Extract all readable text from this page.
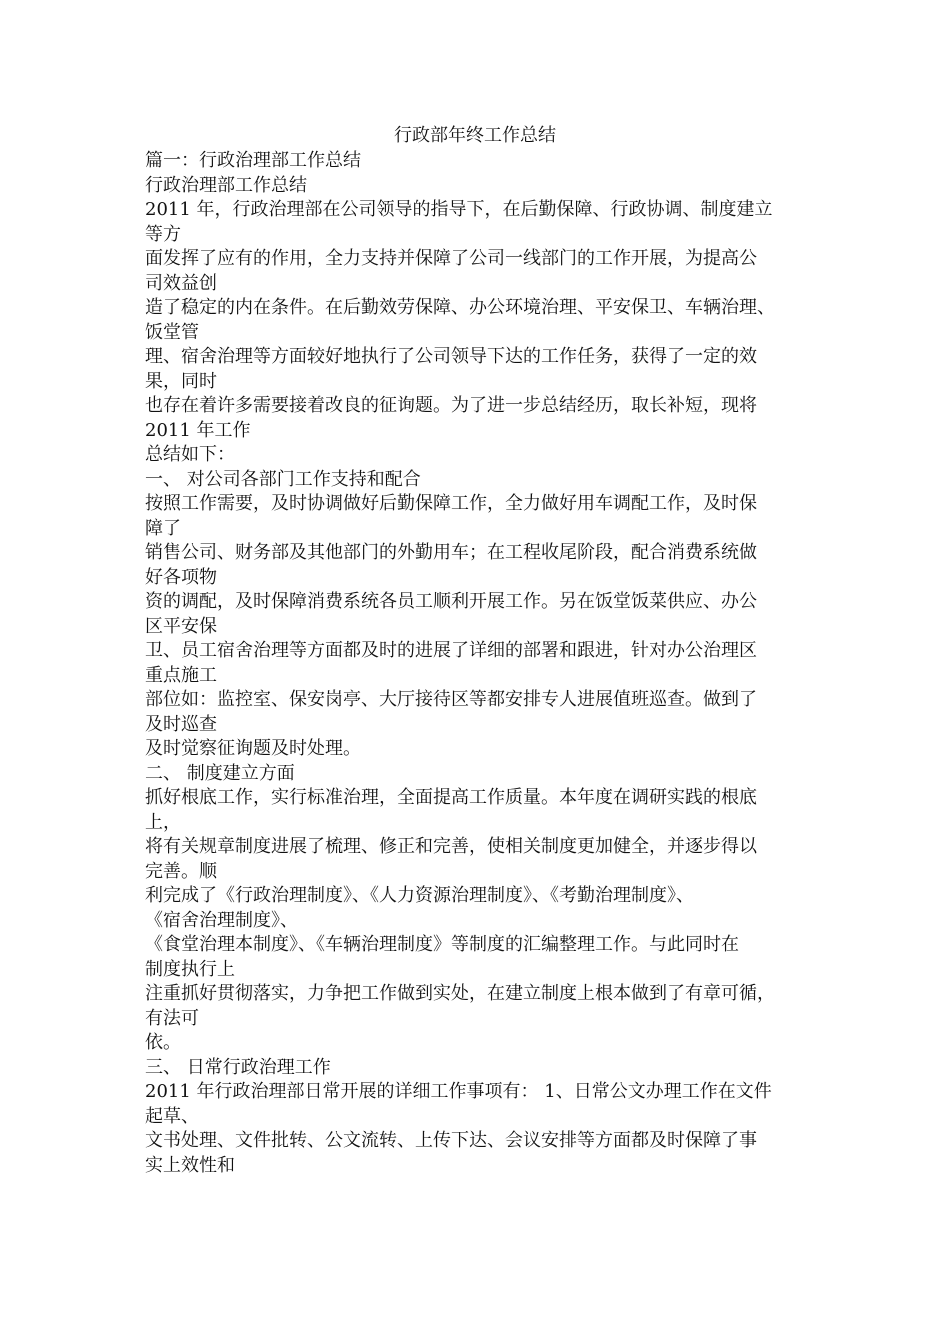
行政部年终工作总结
篇一：行政治理部工作总结
行政治理部工作总结
2011 年，行政治理部在公司领导的指导下，在后勤保障、行政协调、制度建立
等方
面发挥了应有的作用，全力支持并保障了公司一线部门的工作开展，为提高公
司效益创
造了稳定的内在条件。在后勤效劳保障、办公环境治理、平安保卫、车辆治理、
饭堂管
理、宿舍治理等方面较好地执行了公司领导下达的工作任务，获得了一定的效
果，同时
也存在着许多需要接着改良的征询题。为了进一步总结经历，取长补短，现将
2011 年工作
总结如下：
一、 对公司各部门工作支持和配合
按照工作需要，及时协调做好后勤保障工作，全力做好用车调配工作，及时保
障了
销售公司、财务部及其他部门的外勤用车；在工程收尾阶段，配合消费系统做
好各项物
资的调配，及时保障消费系统各员工顺利开展工作。另在饭堂饭菜供应、办公
区平安保
卫、员工宿舍治理等方面都及时的进展了详细的部署和跟进，针对办公治理区
重点施工
部位如：监控室、保安岗亭、大厅接待区等都安排专人进展值班巡查。做到了
及时巡查
及时觉察征询题及时处理。
二、 制度建立方面
抓好根底工作，实行标准治理，全面提高工作质量。本年度在调研实践的根底
上，
将有关规章制度进展了梳理、修正和完善，使相关制度更加健全，并逐步得以
完善。顺
利完成了《行政治理制度》、《人力资源治理制度》、《考勤治理制度》、
《宿舍治理制度》、
《食堂治理本制度》、《车辆治理制度》等制度的汇编整理工作。与此同时在
制度执行上
注重抓好贯彻落实，力争把工作做到实处，在建立制度上根本做到了有章可循，
有法可
依。
三、 日常行政治理工作
2011 年行政治理部日常开展的详细工作事项有： 1、日常公文办理工作在文件
起草、
文书处理、文件批转、公文流转、上传下达、会议安排等方面都及时保障了事
实上效性和
